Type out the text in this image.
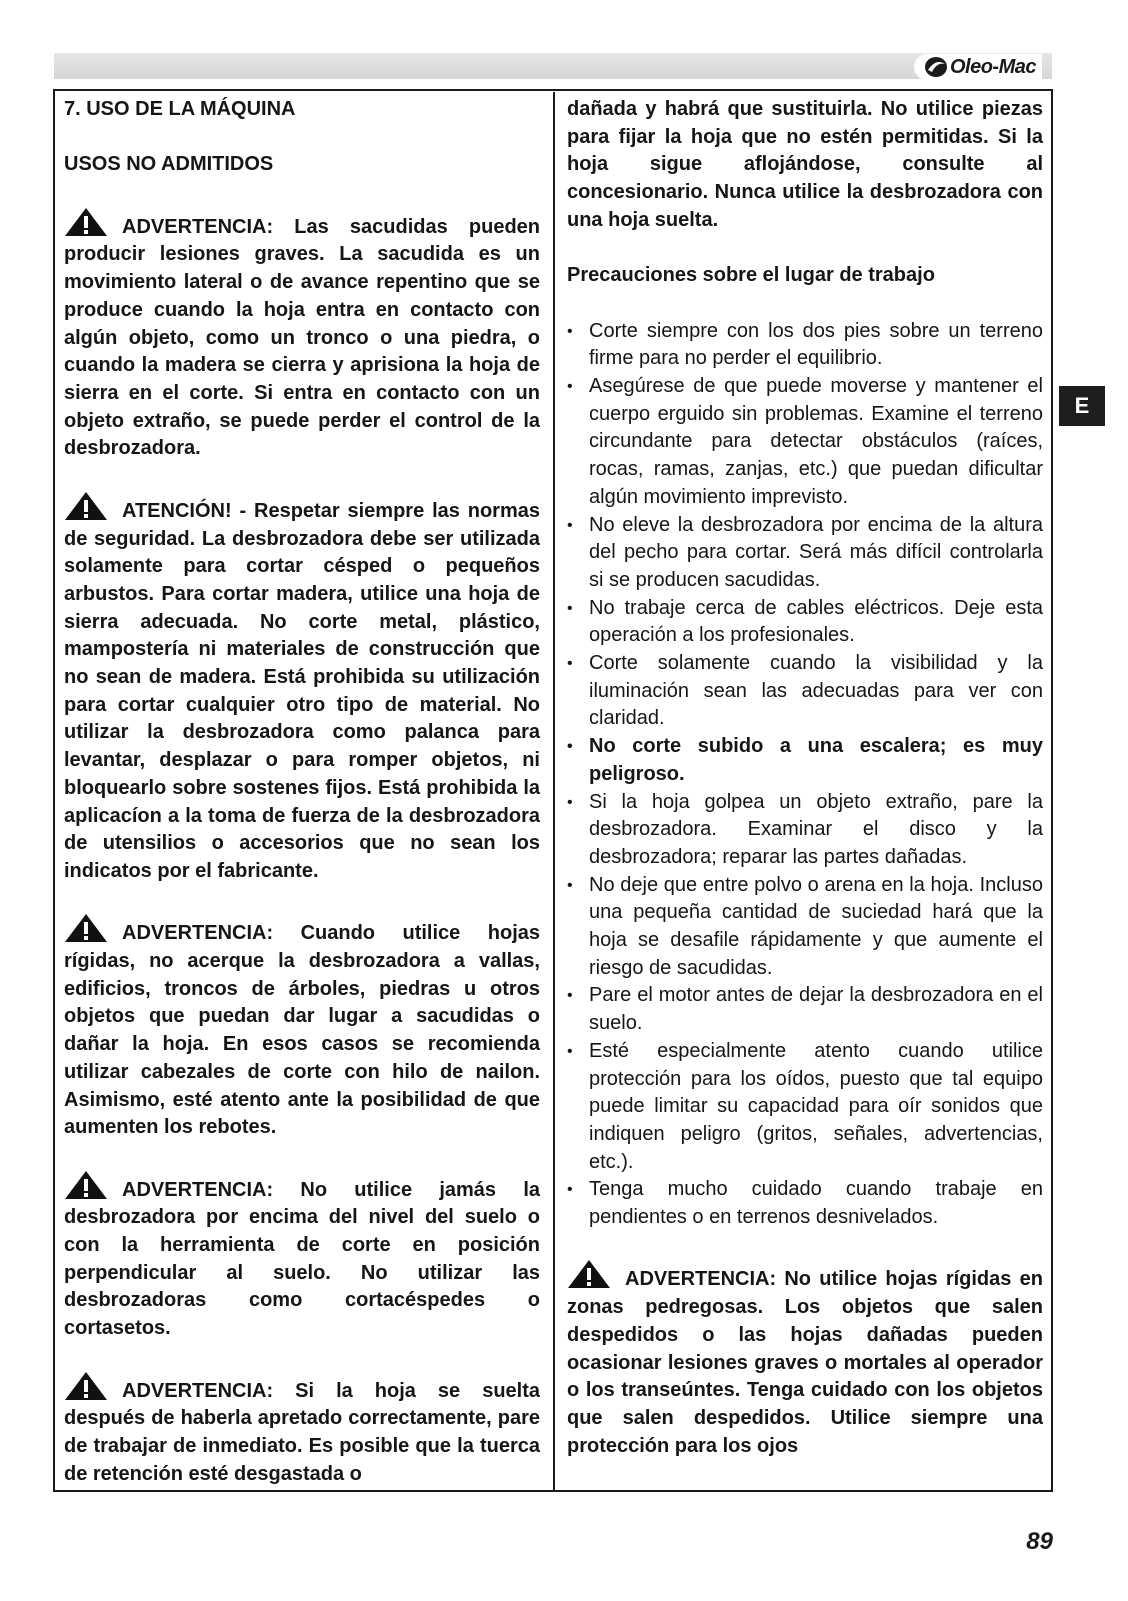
Oleo-Mac

7. USO DE LA MÁQUINA

USOS NO ADMITIDOS

ADVERTENCIA: Las sacudidas pueden producir lesiones graves. La sacudida es un movimiento lateral o de avance repentino que se produce cuando la hoja entra en contacto con algún objeto, como un tronco o una piedra, o cuando la madera se cierra y aprisiona la hoja de sierra en el corte. Si entra en contacto con un objeto extraño, se puede perder el control de la desbrozadora.

ATENCIÓN! - Respetar siempre las normas de seguridad. La desbrozadora debe ser utilizada solamente para cortar césped o pequeños arbustos. Para cortar madera, utilice una hoja de sierra adecuada. No corte metal, plástico, mampostería ni materiales de construcción que no sean de madera. Está prohibida su utilización para cortar cualquier otro tipo de material. No utilizar la desbrozadora como palanca para levantar, desplazar o para romper objetos, ni bloquearlo sobre sostenes fijos. Está prohibida la aplicacíon a la toma de fuerza de la desbrozadora de utensilios o accesorios que no sean los indicatos por el fabricante.

ADVERTENCIA: Cuando utilice hojas rígidas, no acerque la desbrozadora a vallas, edificios, troncos de árboles, piedras u otros objetos que puedan dar lugar a sacudidas o dañar la hoja. En esos casos se recomienda utilizar cabezales de corte con hilo de nailon. Asimismo, esté atento ante la posibilidad de que aumenten los rebotes.

ADVERTENCIA: No utilice jamás la desbrozadora por encima del nivel del suelo o con la herramienta de corte en posición perpendicular al suelo. No utilizar las desbrozadoras como cortacéspedes o cortasetos.

ADVERTENCIA: Si la hoja se suelta después de haberla apretado correctamente, pare de trabajar de inmediato. Es posible que la tuerca de retención esté desgastada o

dañada y habrá que sustituirla. No utilice piezas para fijar la hoja que no estén permitidas. Si la hoja sigue aflojándose, consulte al concesionario. Nunca utilice la desbrozadora con una hoja suelta.

Precauciones sobre el lugar de trabajo

• Corte siempre con los dos pies sobre un terreno firme para no perder el equilibrio.
• Asegúrese de que puede moverse y mantener el cuerpo erguido sin problemas. Examine el terreno circundante para detectar obstáculos (raíces, rocas, ramas, zanjas, etc.) que puedan dificultar algún movimiento imprevisto.
• No eleve la desbrozadora por encima de la altura del pecho para cortar. Será más difícil controlarla si se producen sacudidas.
• No trabaje cerca de cables eléctricos. Deje esta operación a los profesionales.
• Corte solamente cuando la visibilidad y la iluminación sean las adecuadas para ver con claridad.
• No corte subido a una escalera; es muy peligroso.
• Si la hoja golpea un objeto extraño, pare la desbrozadora. Examinar el disco y la desbrozadora; reparar las partes dañadas.
• No deje que entre polvo o arena en la hoja. Incluso una pequeña cantidad de suciedad hará que la hoja se desafile rápidamente y que aumente el riesgo de sacudidas.
• Pare el motor antes de dejar la desbrozadora en el suelo.
• Esté especialmente atento cuando utilice protección para los oídos, puesto que tal equipo puede limitar su capacidad para oír sonidos que indiquen peligro (gritos, señales, advertencias, etc.).
• Tenga mucho cuidado cuando trabaje en pendientes o en terrenos desnivelados.

ADVERTENCIA: No utilice hojas rígidas en zonas pedregosas. Los objetos que salen despedidos o las hojas dañadas pueden ocasionar lesiones graves o mortales al operador o los transeúntes. Tenga cuidado con los objetos que salen despedidos. Utilice siempre una protección para los ojos

E
89
